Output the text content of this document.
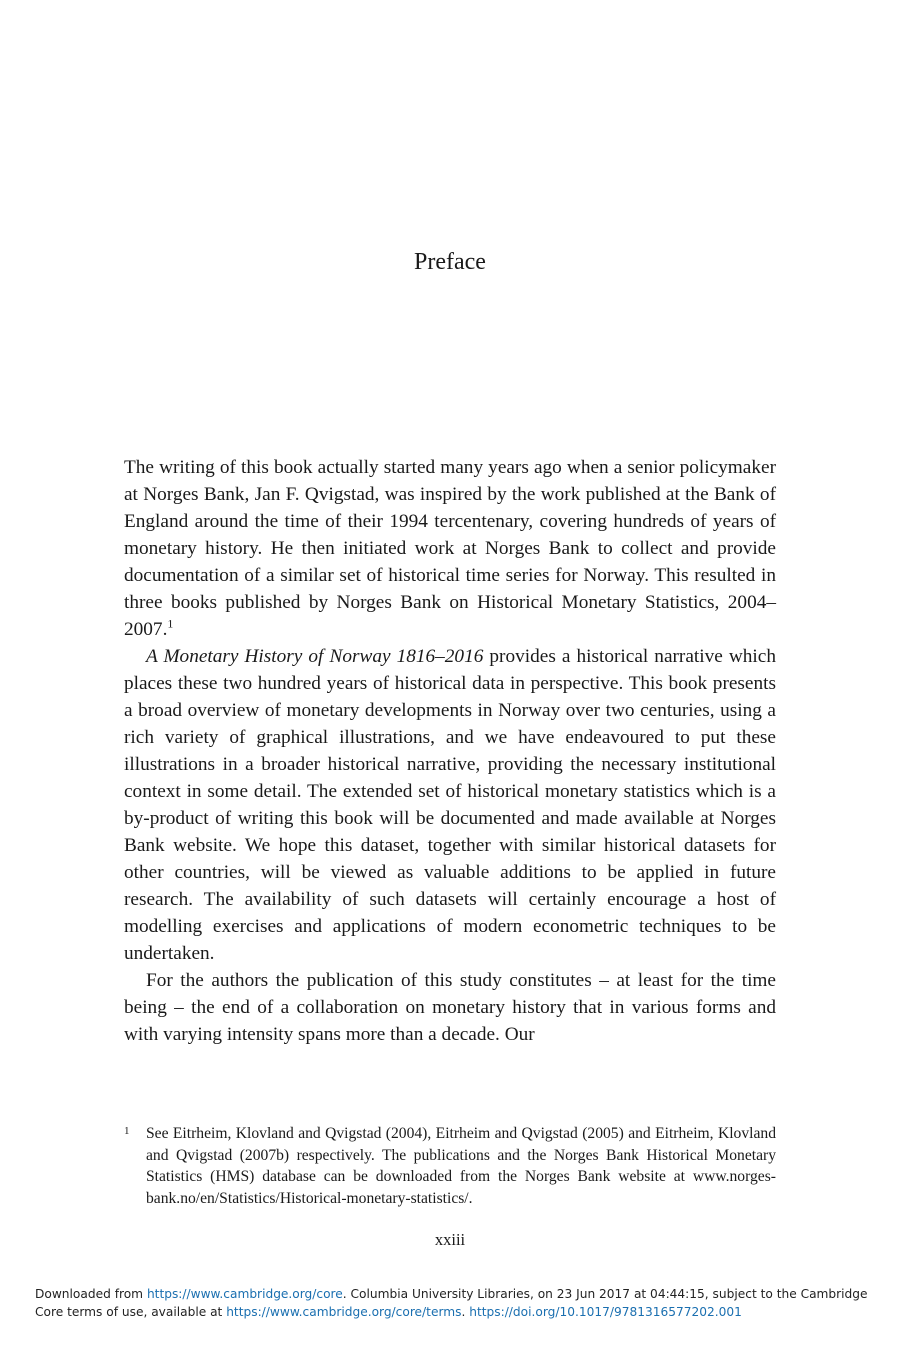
Preface

The writing of this book actually started many years ago when a senior policymaker at Norges Bank, Jan F. Qvigstad, was inspired by the work published at the Bank of England around the time of their 1994 tercentenary, covering hundreds of years of monetary history. He then initiated work at Norges Bank to collect and provide documentation of a similar set of historical time series for Norway. This resulted in three books published by Norges Bank on Historical Monetary Statistics, 2004–2007.$^1$

A Monetary History of Norway 1816–2016 provides a historical narrative which places these two hundred years of historical data in perspective. This book presents a broad overview of monetary developments in Norway over two centuries, using a rich variety of graphical illustrations, and we have endeavoured to put these illustrations in a broader historical narrative, providing the necessary institutional context in some detail. The extended set of historical monetary statistics which is a by-product of writing this book will be documented and made available at Norges Bank website. We hope this dataset, together with similar historical datasets for other countries, will be viewed as valuable additions to be applied in future research. The availability of such datasets will certainly encourage a host of modelling exercises and applications of modern econometric techniques to be undertaken.

For the authors the publication of this study constitutes – at least for the time being – the end of a collaboration on monetary history that in various forms and with varying intensity spans more than a decade. Our

1 See Eitrheim, Klovland and Qvigstad (2004), Eitrheim and Qvigstad (2005) and Eitrheim, Klovland and Qvigstad (2007b) respectively. The publications and the Norges Bank Historical Monetary Statistics (HMS) database can be downloaded from the Norges Bank website at www.norges-bank.no/en/Statistics/Historical-monetary-statistics/.
xxiii
Downloaded from https://www.cambridge.org/core. Columbia University Libraries, on 23 Jun 2017 at 04:44:15, subject to the Cambridge Core terms of use, available at https://www.cambridge.org/core/terms. https://doi.org/10.1017/9781316577202.001
